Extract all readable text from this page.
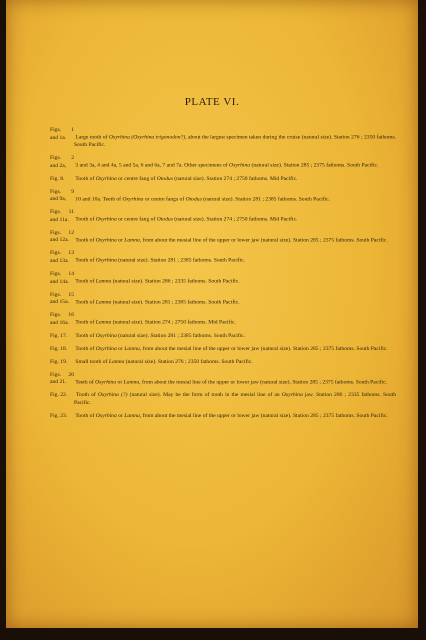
PLATE VI.
Figs. 1 and 1a. Large tooth of Oxyrhina (Oxyrhina trigonodon?), about the largest specimen taken during the cruise (natural size). Station 276 ; 2350 fathoms. South Pacific.
Figs. 2 and 2a, 3 and 3a, 4 and 4a, 5 and 5a, 6 and 6a, 7 and 7a. Other specimens of Oxyrhina (natural size). Station 285 ; 2375 fathoms. South Pacific.
Fig. 8. Tooth of Oxyrhina or centre fang of Otodus (natural size). Station 274 ; 2750 fathoms. Mid Pacific.
Figs. 9 and 9a, 10 and 10a. Teeth of Oxyrhina or centre fangs of Otodus (natural size). Station 281 ; 2385 fathoms. South Pacific.
Figs. 11 and 11a. Tooth of Oxyrhina or centre fang of Otodus (natural size). Station 274 ; 2750 fathoms. Mid Pacific.
Figs. 12 and 12a. Tooth of Oxyrhina or Lamna, from about the mesial line of the upper or lower jaw (natural size). Station 285 ; 2375 fathoms. South Pacific.
Figs. 13 and 13a. Tooth of Oxyrhina (natural size). Station 281 ; 2385 fathoms. South Pacific.
Figs. 14 and 14a. Tooth of Lamna (natural size). Station 286 ; 2335 fathoms. South Pacific.
Figs. 15 and 15a. Tooth of Lamna (natural size). Station 281 ; 2385 fathoms. South Pacific.
Figs. 16 and 16a. Tooth of Lamna (natural size). Station 274 ; 2750 fathoms. Mid Pacific.
Fig. 17. Tooth of Oxyrhina (natural size). Station 281 ; 2385 fathoms. South Pacific.
Fig. 18. Tooth of Oxyrhina or Lamna, from about the mesial line of the upper or lower jaw (natural size). Station 285 ; 2375 fathoms. South Pacific.
Fig. 19. Small tooth of Lamna (natural size). Station 276 ; 2350 fathoms. South Pacific.
Figs. 20 and 21. Teeth of Oxyrhina or Lamna, from about the mesial line of the upper or lower jaw (natural size). Station 285 ; 2375 fathoms. South Pacific.
Fig. 22. Tooth of Oxyrhina (?) (natural size). May be the form of tooth in the mesial line of an Oxyrhina jaw. Station 286 ; 2335 fathoms. South Pacific.
Fig. 23. Tooth of Oxyrhina or Lamna, from about the mesial line of the upper or lower jaw (natural size). Station 285 ; 2375 fathoms. South Pacific.
